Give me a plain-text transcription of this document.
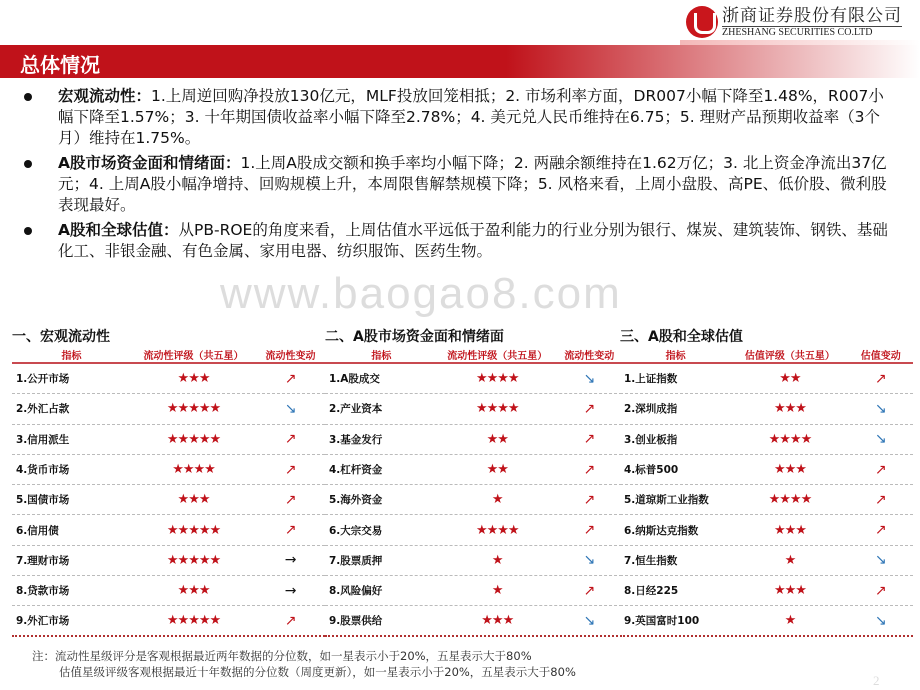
浙商证券股份有限公司
ZHESHANG SECURITIES CO.LTD
总体情况
宏观流动性：1.上周逆回购净投放130亿元，MLF投放回笼相抵；2. 市场利率方面，DR007小幅下降至1.48%，R007小幅下降至1.57%；3. 十年期国债收益率小幅下降至2.78%；4. 美元兑人民币维持在6.75；5. 理财产品预期收益率（3个月）维持在1.75%。
A股市场资金面和情绪面：1.上周A股成交额和换手率均小幅下降；2. 两融余额维持在1.62万亿；3. 北上资金净流出37亿元；4. 上周A股小幅净增持、回购规模上升，本周限售解禁规模下降；5. 风格来看，上周小盘股、高PE、低价股、微利股表现最好。
A股和全球估值：从PB-ROE的角度来看，上周估值水平远低于盈利能力的行业分别为银行、煤炭、建筑装饰、钢铁、基础化工、非银金融、有色金属、家用电器、纺织服饰、医药生物。
www.baogao8.com
一、宏观流动性
指标	流动性评级（共五星）	流动性变动
1.公开市场	★★★	↗
2.外汇占款	★★★★★	↘
3.信用派生	★★★★★	↗
4.货币市场	★★★★	↗
5.国债市场	★★★	↗
6.信用债	★★★★★	↗
7.理财市场	★★★★★	→
8.贷款市场	★★★	→
9.外汇市场	★★★★★	↗
二、A股市场资金面和情绪面
指标	流动性评级（共五星）	流动性变动
1.A股成交	★★★★	↘
2.产业资本	★★★★	↗
3.基金发行	★★	↗
4.杠杆资金	★★	↗
5.海外资金	★	↗
6.大宗交易	★★★★	↗
7.股票质押	★	↘
8.风险偏好	★	↗
9.股票供给	★★★	↘
三、A股和全球估值
指标	估值评级（共五星）	估值变动
1.上证指数	★★	↗
2.深圳成指	★★★	↘
3.创业板指	★★★★	↘
4.标普500	★★★	↗
5.道琼斯工业指数	★★★★	↗
6.纳斯达克指数	★★★	↗
7.恒生指数	★	↘
8.日经225	★★★	↗
9.英国富时100	★	↘
注：流动性星级评分是客观根据最近两年数据的分位数，如一星表示小于20%，五星表示大于80%
估值星级评级客观根据最近十年数据的分位数（周度更新），如一星表示小于20%，五星表示大于80%
2
